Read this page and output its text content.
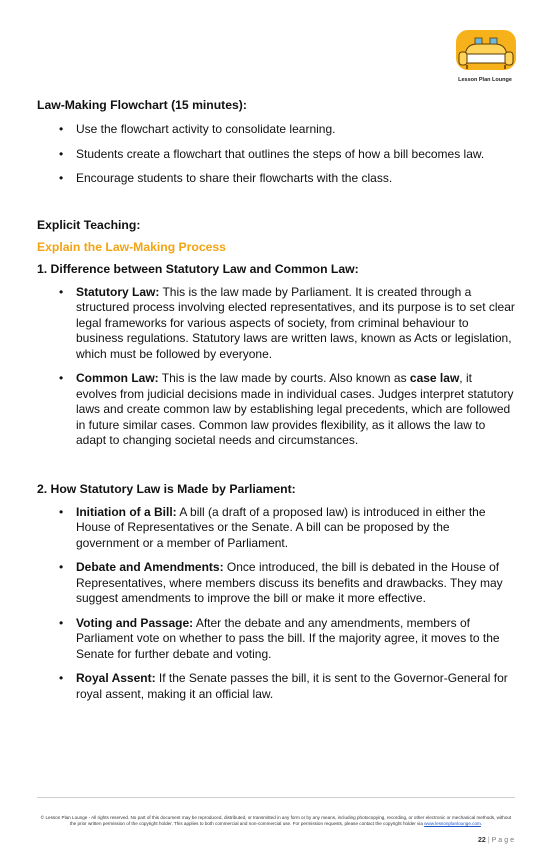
Lesson Plan Lounge
Law-Making Flowchart (15 minutes):
• Use the flowchart activity to consolidate learning.
• Students create a flowchart that outlines the steps of how a bill becomes law.
• Encourage students to share their flowcharts with the class.
Explicit Teaching:
Explain the Law-Making Process
1. Difference between Statutory Law and Common Law:
• Statutory Law: This is the law made by Parliament. It is created through a structured process involving elected representatives, and its purpose is to set clear legal frameworks for various aspects of society, from criminal behaviour to business regulations. Statutory laws are written laws, known as Acts or legislation, which must be followed by everyone.
• Common Law: This is the law made by courts. Also known as case law, it evolves from judicial decisions made in individual cases. Judges interpret statutory laws and create common law by establishing legal precedents, which are followed in future similar cases. Common law provides flexibility, as it allows the law to adapt to changing societal needs and circumstances.
2. How Statutory Law is Made by Parliament:
• Initiation of a Bill: A bill (a draft of a proposed law) is introduced in either the House of Representatives or the Senate. A bill can be proposed by the government or a member of Parliament.
• Debate and Amendments: Once introduced, the bill is debated in the House of Representatives, where members discuss its benefits and drawbacks. They may suggest amendments to improve the bill or make it more effective.
• Voting and Passage: After the debate and any amendments, members of Parliament vote on whether to pass the bill. If the majority agree, it moves to the Senate for further debate and voting.
• Royal Assent: If the Senate passes the bill, it is sent to the Governor-General for royal assent, making it an official law.
© Lesson Plan Lounge - All rights reserved. No part of this document may be reproduced, distributed, or transmitted in any form or by any means, including photocopying, recording, or other electronic or mechanical methods, without the prior written permission of the copyright holder. This applies to both commercial and non-commercial use. For permission requests, please contact the copyright holder via www.lessonplanlounge.com.
22 | Page
